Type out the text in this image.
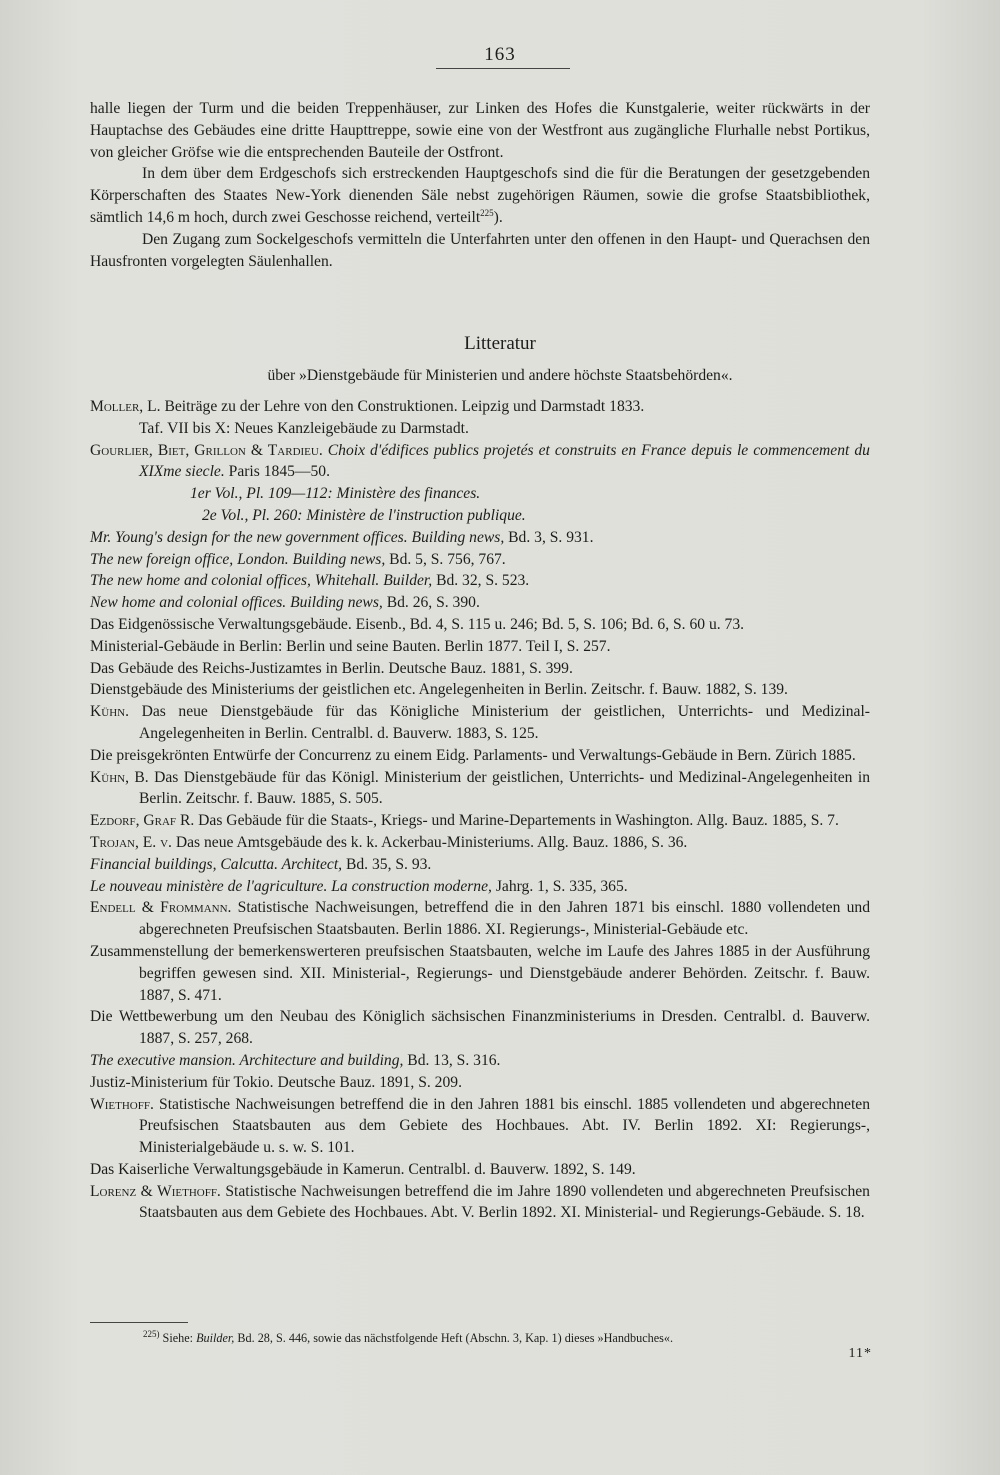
163

halle liegen der Turm und die beiden Treppenhäuser, zur Linken des Hofes die Kunstgalerie, weiter rückwärts in der Hauptachse des Gebäudes eine dritte Haupttreppe, sowie eine von der Westfront aus zugängliche Flurhalle nebst Portikus, von gleicher Gröfse wie die entsprechenden Bauteile der Ostfront.

In dem über dem Erdgeschofs sich erstreckenden Hauptgeschofs sind die für die Beratungen der gesetzgebenden Körperschaften des Staates New-York dienenden Säle nebst zugehörigen Räumen, sowie die grofse Staatsbibliothek, sämtlich 14,6 m hoch, durch zwei Geschosse reichend, verteilt$^{225}$).

Den Zugang zum Sockelgeschofs vermitteln die Unterfahrten unter den offenen in den Haupt- und Querachsen den Hausfronten vorgelegten Säulenhallen.

Litteratur
über »Dienstgebäude für Ministerien und andere höchste Staatsbehörden«.

Moller, L. Beiträge zu der Lehre von den Construktionen. Leipzig und Darmstadt 1833.

Taf. VII bis X: Neues Kanzleigebäude zu Darmstadt.

Gourlier, Biet, Grillon & Tardieu. Choix d'édifices publics projetés et construits en France depuis le commencement du XIXme siecle. Paris 1845—50.

1er Vol., Pl. 109—112: Ministère des finances.

2e Vol., Pl. 260: Ministère de l'instruction publique.

Mr. Young's design for the new government offices. Building news, Bd. 3, S. 931.

The new foreign office, London. Building news, Bd. 5, S. 756, 767.

The new home and colonial offices, Whitehall. Builder, Bd. 32, S. 523.

New home and colonial offices. Building news, Bd. 26, S. 390.

Das Eidgenössische Verwaltungsgebäude. Eisenb., Bd. 4, S. 115 u. 246; Bd. 5, S. 106; Bd. 6, S. 60 u. 73.

Ministerial-Gebäude in Berlin: Berlin und seine Bauten. Berlin 1877. Teil I, S. 257.

Das Gebäude des Reichs-Justizamtes in Berlin. Deutsche Bauz. 1881, S. 399.

Dienstgebäude des Ministeriums der geistlichen etc. Angelegenheiten in Berlin. Zeitschr. f. Bauw. 1882, S. 139.

Kühn. Das neue Dienstgebäude für das Königliche Ministerium der geistlichen, Unterrichts- und Medizinal-Angelegenheiten in Berlin. Centralbl. d. Bauverw. 1883, S. 125.

Die preisgekrönten Entwürfe der Concurrenz zu einem Eidg. Parlaments- und Verwaltungs-Gebäude in Bern. Zürich 1885.

Kühn, B. Das Dienstgebäude für das Königl. Ministerium der geistlichen, Unterrichts- und Medizinal-Angelegenheiten in Berlin. Zeitschr. f. Bauw. 1885, S. 505.

Ezdorf, Graf R. Das Gebäude für die Staats-, Kriegs- und Marine-Departements in Washington. Allg. Bauz. 1885, S. 7.

Trojan, E. v. Das neue Amtsgebäude des k. k. Ackerbau-Ministeriums. Allg. Bauz. 1886, S. 36.

Financial buildings, Calcutta. Architect, Bd. 35, S. 93.

Le nouveau ministère de l'agriculture. La construction moderne, Jahrg. 1, S. 335, 365.

Endell & Frommann. Statistische Nachweisungen, betreffend die in den Jahren 1871 bis einschl. 1880 vollendeten und abgerechneten Preufsischen Staatsbauten. Berlin 1886. XI. Regierungs-, Ministerial-Gebäude etc.

Zusammenstellung der bemerkenswerteren preufsischen Staatsbauten, welche im Laufe des Jahres 1885 in der Ausführung begriffen gewesen sind. XII. Ministerial-, Regierungs- und Dienstgebäude anderer Behörden. Zeitschr. f. Bauw. 1887, S. 471.

Die Wettbewerbung um den Neubau des Königlich sächsischen Finanzministeriums in Dresden. Centralbl. d. Bauverw. 1887, S. 257, 268.

The executive mansion. Architecture and building, Bd. 13, S. 316.

Justiz-Ministerium für Tokio. Deutsche Bauz. 1891, S. 209.

Wiethoff. Statistische Nachweisungen betreffend die in den Jahren 1881 bis einschl. 1885 vollendeten und abgerechneten Preufsischen Staatsbauten aus dem Gebiete des Hochbaues. Abt. IV. Berlin 1892. XI: Regierungs-, Ministerialgebäude u. s. w. S. 101.

Das Kaiserliche Verwaltungsgebäude in Kamerun. Centralbl. d. Bauverw. 1892, S. 149.

Lorenz & Wiethoff. Statistische Nachweisungen betreffend die im Jahre 1890 vollendeten und abgerechneten Preufsischen Staatsbauten aus dem Gebiete des Hochbaues. Abt. V. Berlin 1892. XI. Ministerial- und Regierungs-Gebäude. S. 18.

$^{225)}$ Siehe: Builder, Bd. 28, S. 446, sowie das nächstfolgende Heft (Abschn. 3, Kap. 1) dieses »Handbuches«.
11*
